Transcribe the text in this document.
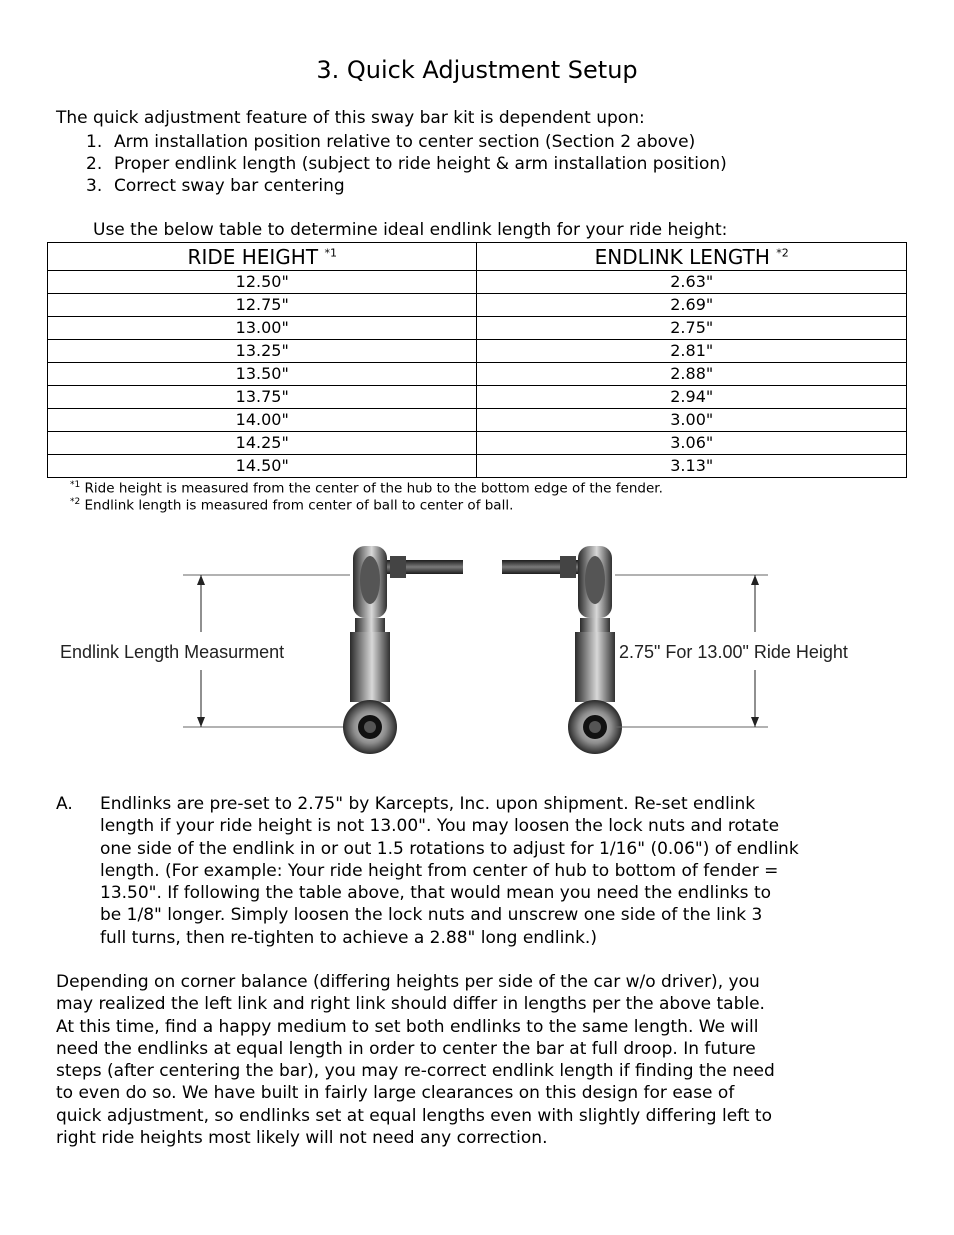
3. Quick Adjustment Setup
The quick adjustment feature of this sway bar kit is dependent upon:
1. Arm installation position relative to center section (Section 2 above)
2. Proper endlink length (subject to ride height & arm installation position)
3. Correct sway bar centering
Use the below table to determine ideal endlink length for your ride height:
RIDE HEIGHT $^{*1}$	ENDLINK LENGTH $^{*2}$
12.50"	2.63"
12.75"	2.69"
13.00"	2.75"
13.25"	2.81"
13.50"	2.88"
13.75"	2.94"
14.00"	3.00"
14.25"	3.06"
14.50"	3.13"
$^{*1}$ Ride height is measured from the center of the hub to the bottom edge of the fender.
$^{*2}$ Endlink length is measured from center of ball to center of ball.
Endlink Length Measurment	2.75" For 13.00" Ride Height
A. Endlinks are pre-set to 2.75" by Karcepts, Inc. upon shipment. Re-set endlink
length if your ride height is not 13.00". You may loosen the lock nuts and rotate
one side of the endlink in or out 1.5 rotations to adjust for 1/16" (0.06") of endlink
length. (For example: Your ride height from center of hub to bottom of fender =
13.50". If following the table above, that would mean you need the endlinks to
be 1/8" longer. Simply loosen the lock nuts and unscrew one side of the link 3
full turns, then re-tighten to achieve a 2.88" long endlink.)
Depending on corner balance (differing heights per side of the car w/o driver), you
may realized the left link and right link should differ in lengths per the above table.
At this time, find a happy medium to set both endlinks to the same length. We will
need the endlinks at equal length in order to center the bar at full droop. In future
steps (after centering the bar), you may re-correct endlink length if finding the need
to even do so. We have built in fairly large clearances on this design for ease of
quick adjustment, so endlinks set at equal lengths even with slightly differing left to
right ride heights most likely will not need any correction.
